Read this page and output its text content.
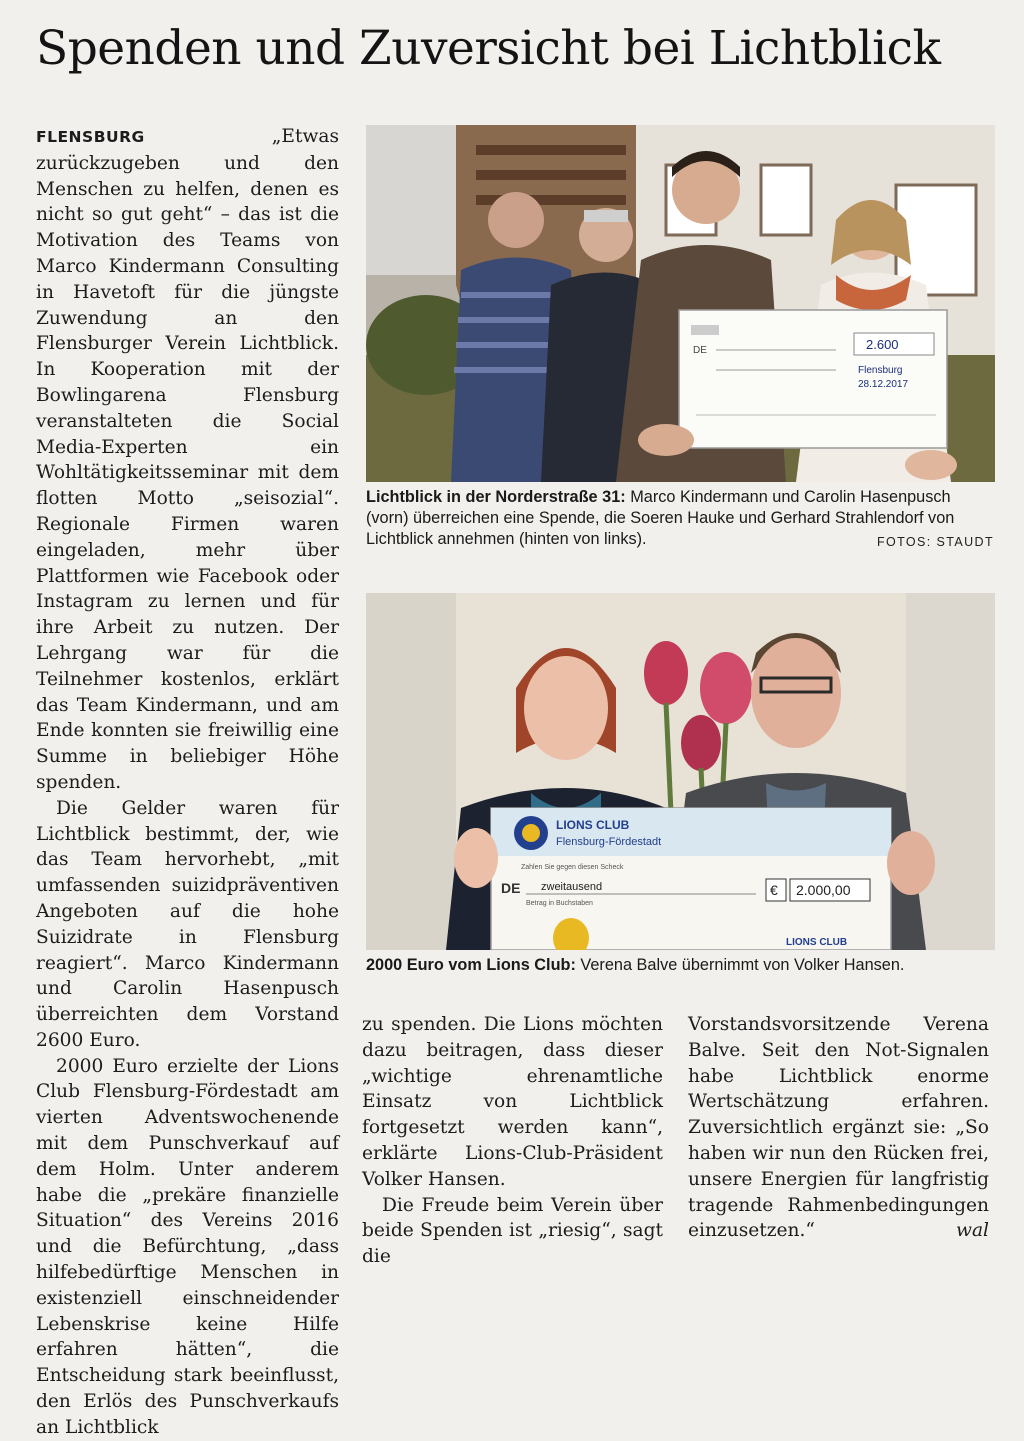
Spenden und Zuversicht bei Lichtblick

FLENSBURG	„Etwas zurückzugeben und den Menschen zu helfen, denen es nicht so gut geht“ – das ist die Motivation des Teams von Marco Kindermann Consulting in Havetoft für die jüngste Zuwendung an den Flensburger Verein Lichtblick. In Kooperation mit der Bowlingarena Flensburg veranstalteten die Social Media-Experten ein Wohltätigkeitsseminar mit dem flotten Motto „seisozial“. Regionale Firmen waren eingeladen, mehr über Plattformen wie Facebook oder Instagram zu lernen und für ihre Arbeit zu nutzen. Der Lehrgang war für die Teilnehmer kostenlos, erklärt das Team Kindermann, und am Ende konnten sie freiwillig eine Summe in beliebiger Höhe spenden.

Die Gelder waren für Lichtblick bestimmt, der, wie das Team hervorhebt, „mit umfassenden suizidpräventiven Angeboten auf die hohe Suizidrate in Flensburg reagiert“. Marco Kindermann und Carolin Hasenpusch überreichten dem Vorstand 2600 Euro.

2000 Euro erzielte der Lions Club Flensburg-Fördestadt am vierten Adventswochenende mit dem Punschverkauf auf dem Holm. Unter anderem habe die „prekäre finanzielle Situation“ des Vereins 2016 und die Befürchtung, „dass hilfebedürftige Menschen in existenziell einschneidender Lebenskrise keine Hilfe erfahren hätten“, die Entscheidung stark beeinflusst, den Erlös des Punschverkaufs an Lichtblick

zu spenden. Die Lions möchten dazu beitragen, dass dieser „wichtige ehrenamtliche Einsatz von Lichtblick fortgesetzt werden kann“, erklärte Lions-Club-Präsident Volker Hansen.

Die Freude beim Verein über beide Spenden ist „riesig“, sagt die

Vorstandsvorsitzende Verena Balve. Seit den Not-Signalen habe Lichtblick enorme Wertschätzung erfahren. Zuversichtlich ergänzt sie: „So haben wir nun den Rücken frei, unsere Energien für langfristig tragende Rahmenbedingungen einzusetzen.“	wal

DE	2.600
Flensburg
28.12.2017
Lichtblick in der Norderstraße 31: Marco Kindermann und Carolin Hasenpusch (vorn) überreichen eine Spende, die Soeren Hauke und Gerhard Strahlendorf von Lichtblick annehmen (hinten von links).	FOTOS: STAUDT
LIONS CLUB
Flensburg-Fördestadt
Zahlen Sie gegen diesen Scheck
DE zweitausend
Betrag in Buchstaben
€ 2.000,00
LIONS CLUB
2000 Euro vom Lions Club: Verena Balve übernimmt von Volker Hansen.
